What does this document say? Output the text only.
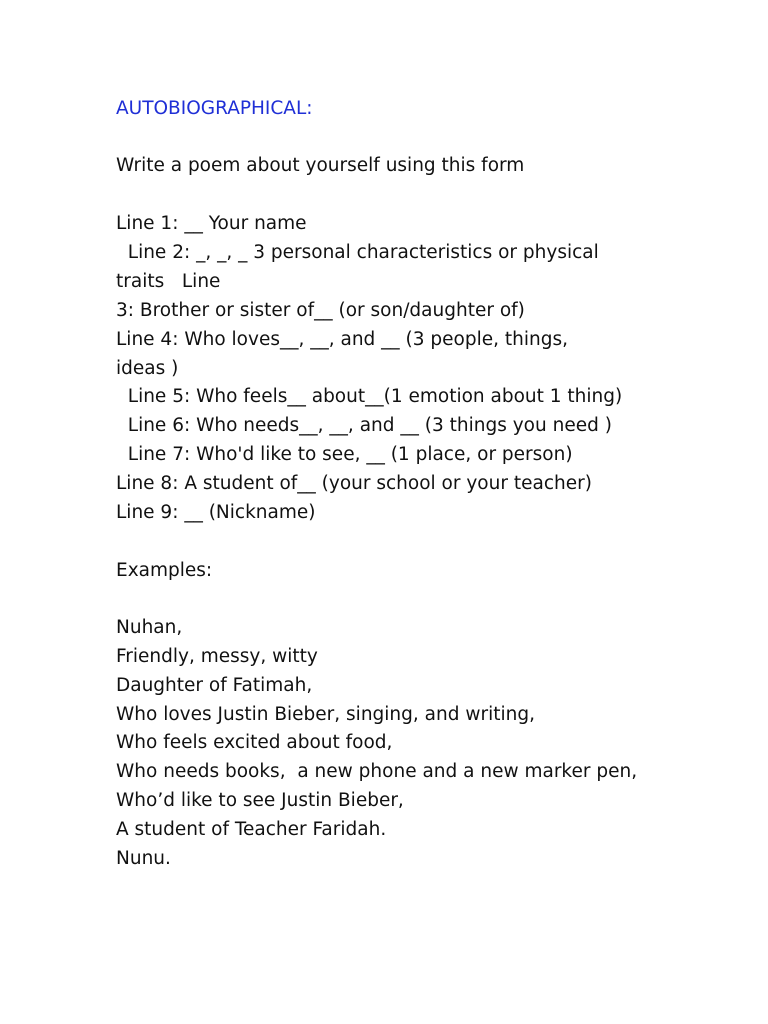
AUTOBIOGRAPHICAL:
Write a poem about yourself using this form
Line 1: __ Your name
Line 2: _, _, _ 3 personal characteristics or physical
traits   Line
3: Brother or sister of__ (or son/daughter of)
Line 4: Who loves__, __, and __ (3 people, things,
ideas )
Line 5: Who feels__ about__(1 emotion about 1 thing)
Line 6: Who needs__, __, and __ (3 things you need )
Line 7: Who'd like to see, __ (1 place, or person)
Line 8: A student of__ (your school or your teacher)
Line 9: __ (Nickname)
Examples:
Nuhan,
Friendly, messy, witty
Daughter of Fatimah,
Who loves Justin Bieber, singing, and writing,
Who feels excited about food,
Who needs books,  a new phone and a new marker pen,
Who’d like to see Justin Bieber,
A student of Teacher Faridah.
Nunu.
